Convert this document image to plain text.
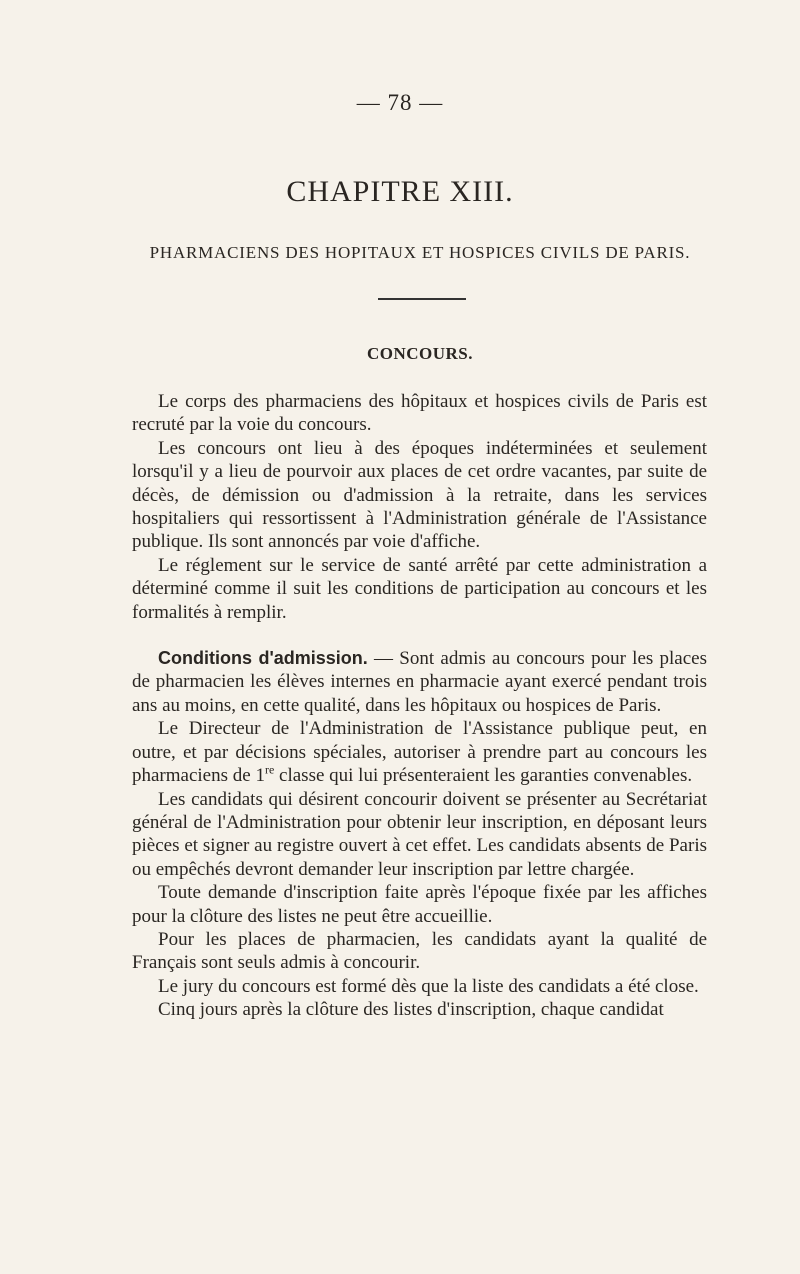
— 78 —
CHAPITRE XIII.
PHARMACIENS DES HOPITAUX ET HOSPICES CIVILS DE PARIS.
CONCOURS.

Le corps des pharmaciens des hôpitaux et hospices civils de Paris est recruté par la voie du concours.

Les concours ont lieu à des époques indéterminées et seulement lorsqu'il y a lieu de pourvoir aux places de cet ordre vacantes, par suite de décès, de démission ou d'admission à la retraite, dans les services hospitaliers qui ressortissent à l'Administration générale de l'Assistance publique. Ils sont annoncés par voie d'affiche.

Le réglement sur le service de santé arrêté par cette administration a déterminé comme il suit les conditions de participation au concours et les formalités à remplir.

Conditions d'admission. — Sont admis au concours pour les places de pharmacien les élèves internes en pharmacie ayant exercé pendant trois ans au moins, en cette qualité, dans les hôpitaux ou hospices de Paris.

Le Directeur de l'Administration de l'Assistance publique peut, en outre, et par décisions spéciales, autoriser à prendre part au concours les pharmaciens de 1re classe qui lui présenteraient les garanties convenables.

Les candidats qui désirent concourir doivent se présenter au Secrétariat général de l'Administration pour obtenir leur inscription, en déposant leurs pièces et signer au registre ouvert à cet effet. Les candidats absents de Paris ou empêchés devront demander leur inscription par lettre chargée.

Toute demande d'inscription faite après l'époque fixée par les affiches pour la clôture des listes ne peut être accueillie.

Pour les places de pharmacien, les candidats ayant la qualité de Français sont seuls admis à concourir.

Le jury du concours est formé dès que la liste des candidats a été close.

Cinq jours après la clôture des listes d'inscription, chaque candidat
